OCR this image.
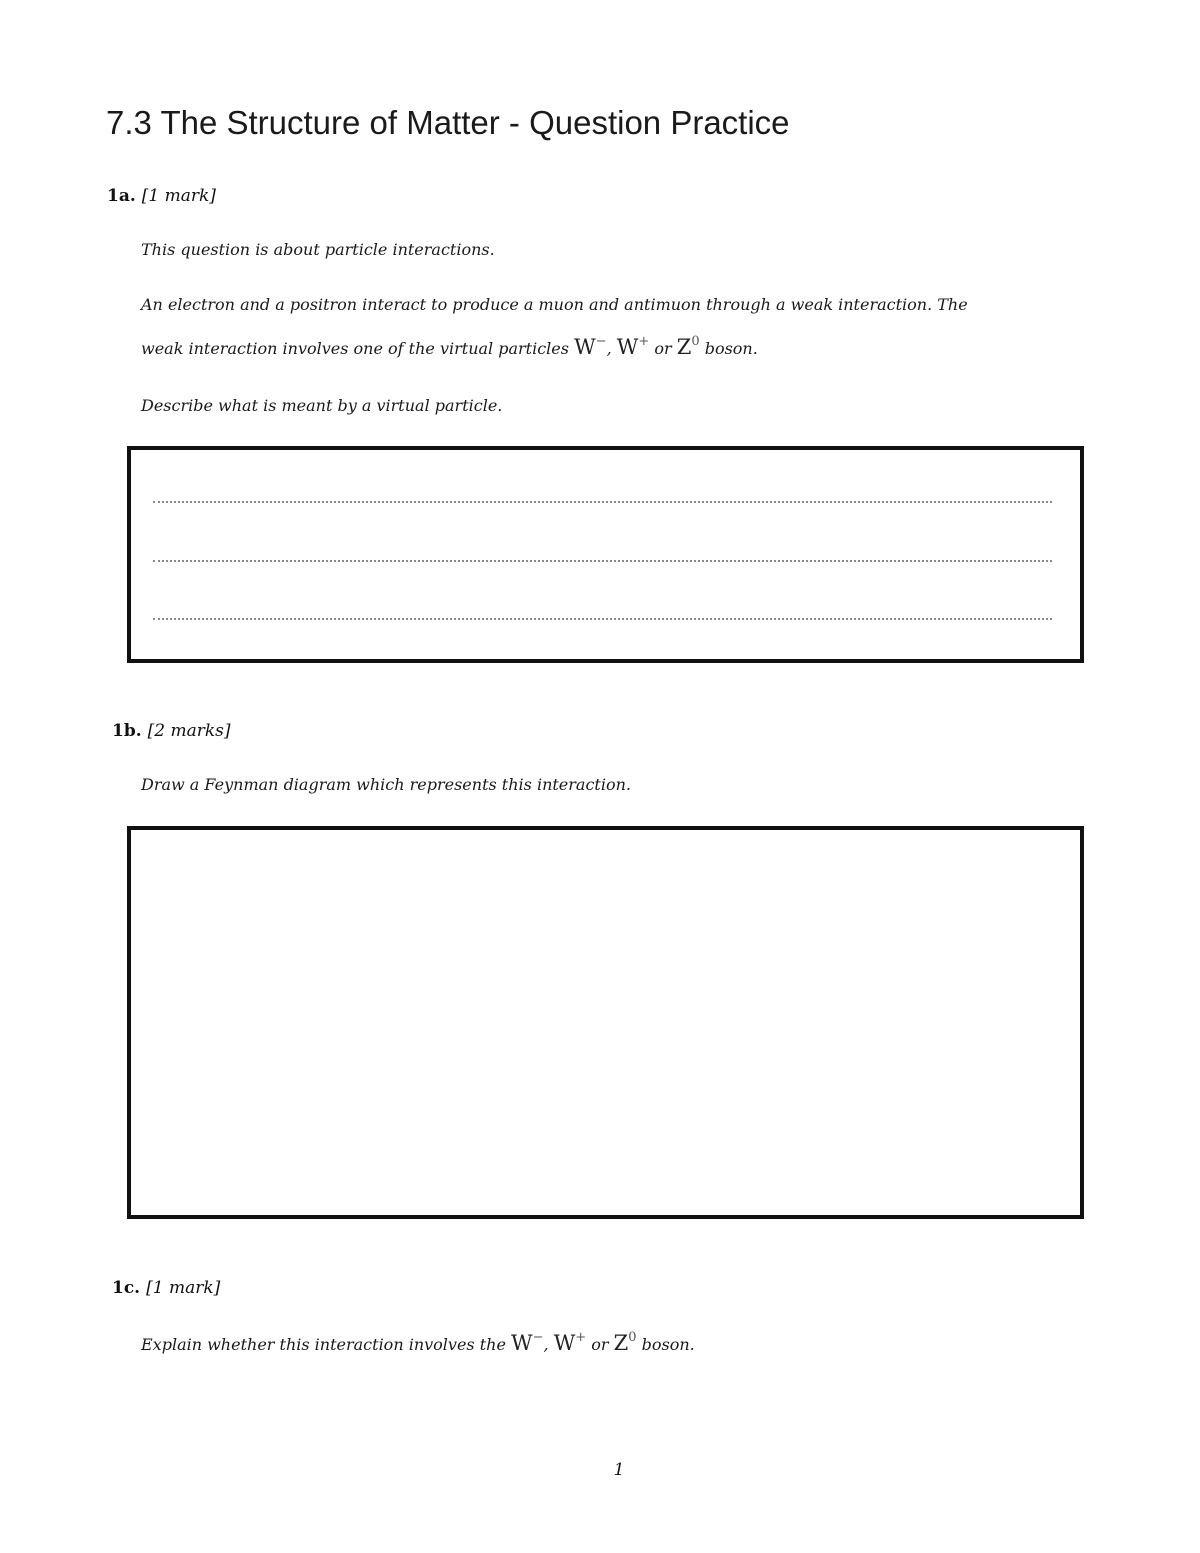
7.3 The Structure of Matter - Question Practice
1a. [1 mark]
This question is about particle interactions.
An electron and a positron interact to produce a muon and antimuon through a weak interaction. The
weak interaction involves one of the virtual particles W−, W+ or $Z^0$ boson.
Describe what is meant by a virtual particle.
1b. [2 marks]
Draw a Feynman diagram which represents this interaction.
1c. [1 mark]
Explain whether this interaction involves the W−, W+ or $Z^0$ boson.
1
